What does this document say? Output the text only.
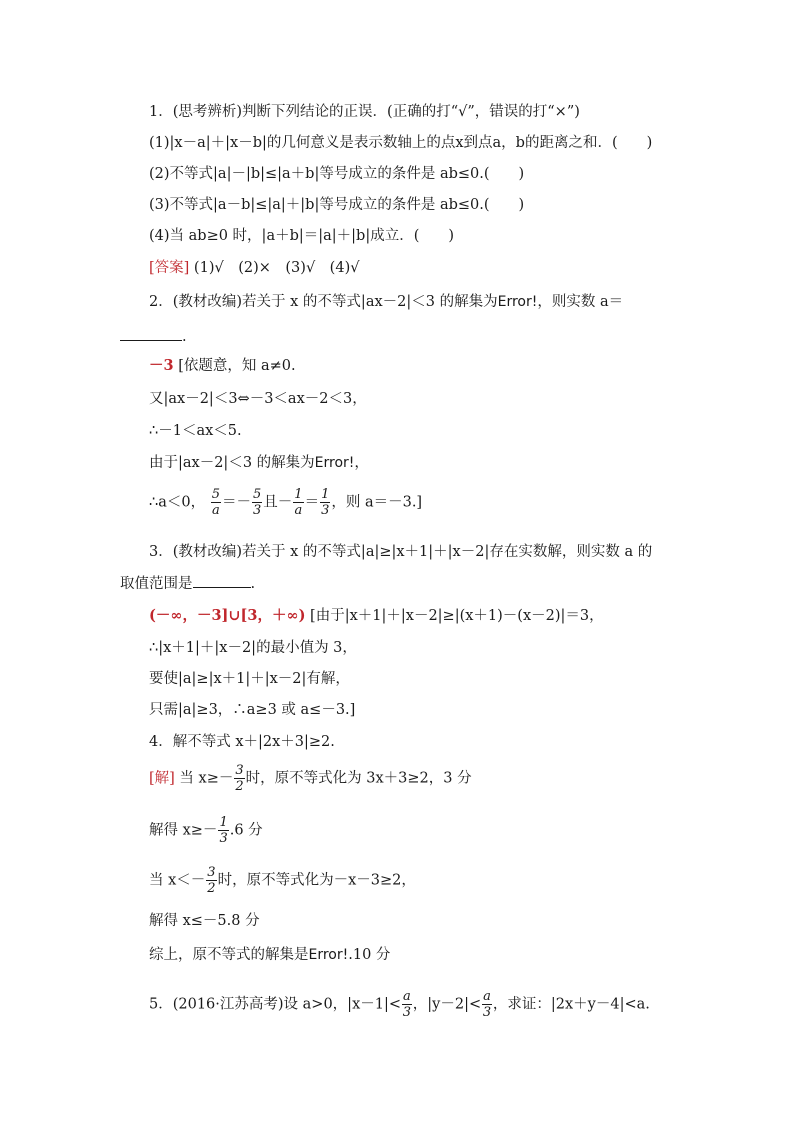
1．(思考辨析)判断下列结论的正误．(正确的打“√”，错误的打“×”)
(1)|x－a|＋|x－b|的几何意义是表示数轴上的点x到点a，b的距离之和．(　　)
(2)不等式|a|－|b|≤|a＋b|等号成立的条件是 ab≤0.(　　)
(3)不等式|a－b|≤|a|＋|b|等号成立的条件是 ab≤0.(　　)
(4)当 ab≥0 时，|a＋b|＝|a|＋|b|成立．(　　)
[答案] (1)√　(2)×　(3)√　(4)√
2．(教材改编)若关于 x 的不等式|ax－2|＜3 的解集为Error!，则实数 a＝
.
－3 [依题意，知 a≠0.
又|ax－2|＜3⇔－3＜ax－2＜3，
∴－1＜ax＜5.
由于|ax－2|＜3 的解集为Error!，
∴a＜0， $\frac{5}{a} =- \frac{5}{3}$ 且－ $\frac{1}{a} = \frac{1}{3}$ ，则 a＝－3.]
3．(教材改编)若关于 x 的不等式|a|≥|x＋1|＋|x－2|存在实数解，则实数 a 的
取值范围是	.
(－∞，－3]∪[3，＋∞) [由于|x＋1|＋|x－2|≥|(x＋1)－(x－2)|＝3，
∴|x＋1|＋|x－2|的最小值为 3，
要使|a|≥|x＋1|＋|x－2|有解，
只需|a|≥3，∴a≥3 或 a≤－3.]
4．解不等式 x＋|2x＋3|≥2.
[解] 当 $x\ge- \frac{3}{2}$ 时，原不等式化为 3x＋3≥2，3 分
解得 $x\ge- \frac{1}{3} .6$ 分
当 $x<- \frac{3}{2}$ 时，原不等式化为－x－3≥2，
解得 x≤－5.8 分
综上，原不等式的解集是Error!.10 分
5．(2016·江苏高考)设 a>0，$|x-1|< \frac{a}{3}$ ，$|y-2|< \frac{a}{3}$ ，求证：|2x＋y－4|<a.
